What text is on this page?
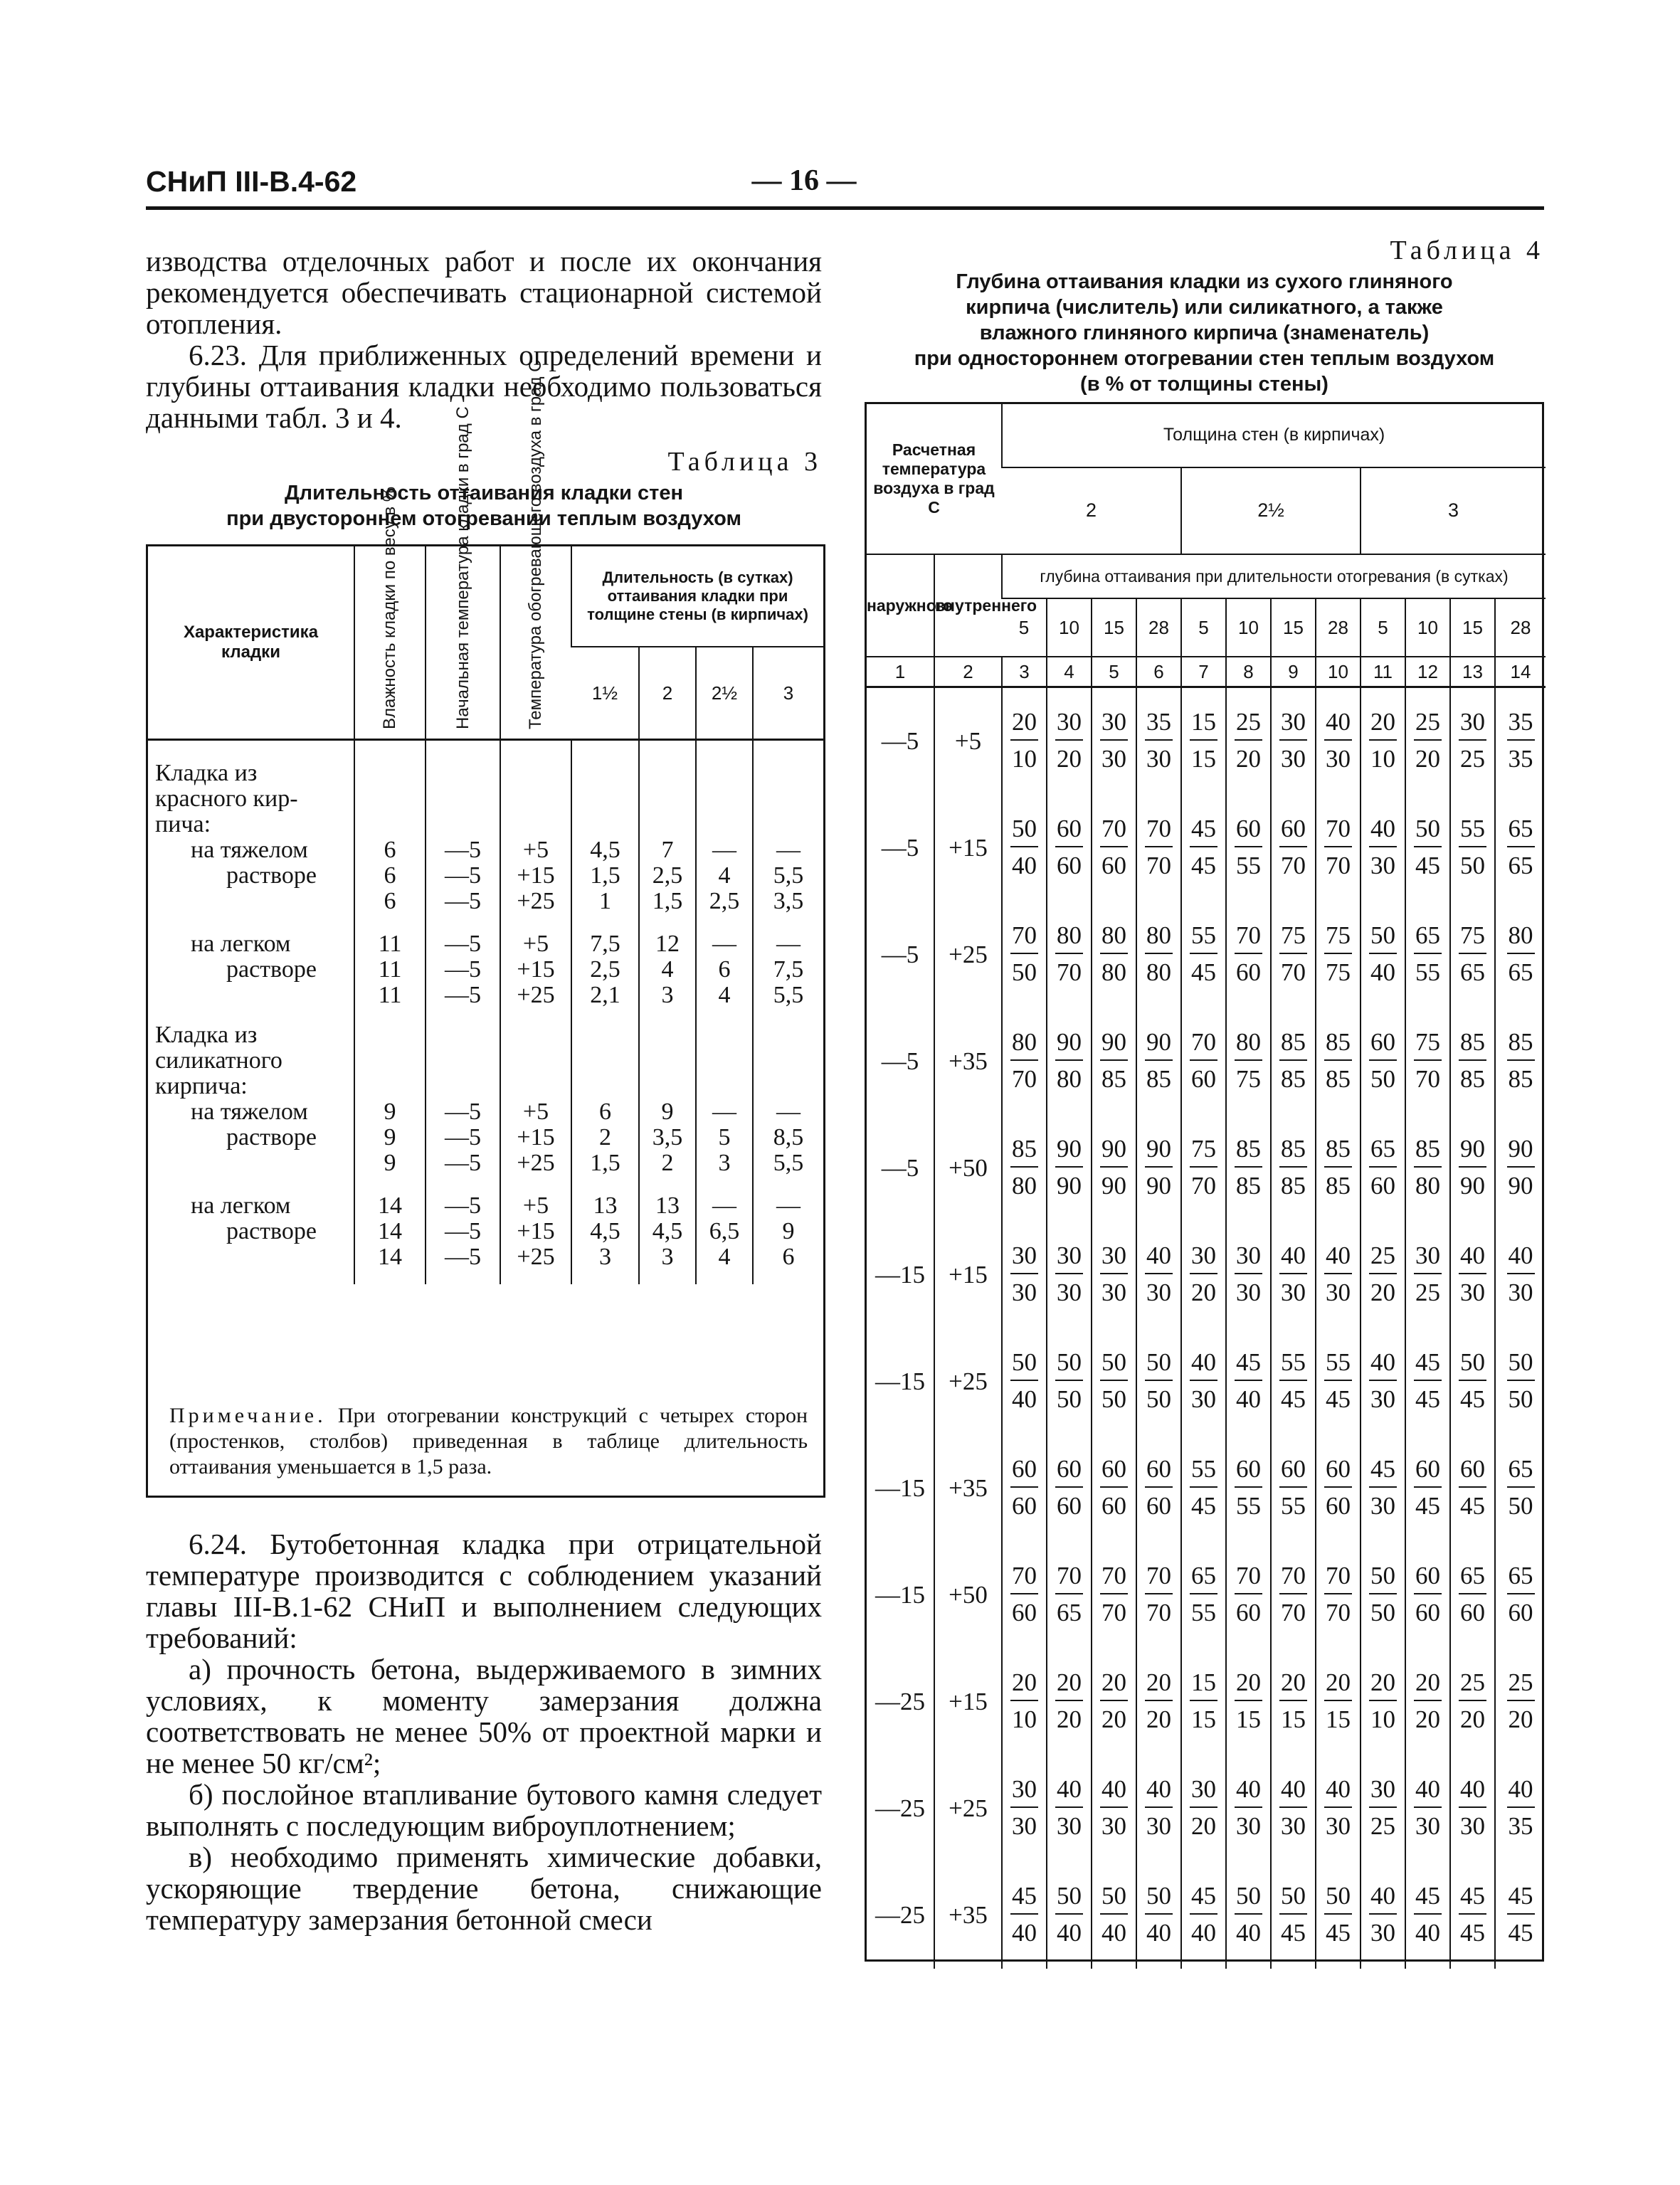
СНиП III-В.4-62	— 16 —

изводства отделочных работ и после их окончания рекомендуется обеспечивать стационарной системой отопления.

6.23. Для приближенных определений времени и глубины оттаивания кладки необходимо пользоваться данными табл. 3 и 4.

Таблица 3
Длительность оттаивания кладки стен
при двустороннем отогревании теплым воздухом
Характеристика кладки	Влажность кладки по весу в %	Начальная температура кладки в град С	Температура обогревающего воздуха в град С	Длительность (в сутках) оттаивания кладки при толщине стены (в кирпичах)			
				1½	2	2½	3
Кладка из							
красного кир-							
пича:							
на тяжелом	6	—5	+5	4,5	7	—	—
растворе	6	—5	+15	1,5	2,5	4	5,5
	6	—5	+25	1	1,5	2,5	3,5

на легком	11	—5	+5	7,5	12	—	—
растворе	11	—5	+15	2,5	4	6	7,5
	11	—5	+25	2,1	3	4	5,5
Кладка из							
силикатного							
кирпича:							
на тяжелом	9	—5	+5	6	9	—	—
растворе	9	—5	+15	2	3,5	5	8,5
	9	—5	+25	1,5	2	3	5,5

на легком	14	—5	+5	13	13	—	—
растворе	14	—5	+15	4,5	4,5	6,5	9
	14	—5	+25	3	3	4	6

Примечание. При отогревании конструкций с четырех сторон (простенков, столбов) приведенная в таблице длительность оттаивания уменьшается в 1,5 раза.

6.24. Бутобетонная кладка при отрицательной температуре производится с соблюдением указаний главы III-В.1-62 СНиП и выполнением следующих требований:

а) прочность бетона, выдерживаемого в зимних условиях, к моменту замерзания должна соответствовать не менее 50% от проектной марки и не менее 50 кг/см²;

б) послойное втапливание бутового камня следует выполнять с последующим виброуплотнением;

в) необходимо применять химические добавки, ускоряющие твердение бетона, снижающие температуру замерзания бетонной смеси

Таблица 4
Глубина оттаивания кладки из сухого глиняного
кирпича (числитель) или силикатного, а также
влажного глиняного кирпича (знаменатель)
при одностороннем отогревании стен теплым воздухом
(в % от толщины стены)
Расчетная температура воздуха в град С		Толщина стен (в кирпичах)											
		2				2½				3			
наружного	внутреннего	глубина оттаивания при длительности отогревания (в сутках)											
		5	10	15	28	5	10	15	28	5	10	15	28
1	2	3	4	5	6	7	8	9	10	11	12	13	14
—5	+5	$\frac{20}{10}$	$\frac{30}{20}$	$\frac{30}{30}$	$\frac{35}{30}$	$\frac{15}{15}$	$\frac{25}{20}$	$\frac{30}{30}$	$\frac{40}{30}$	$\frac{20}{10}$	$\frac{25}{20}$	$\frac{30}{25}$	$\frac{35}{35}$

—5	+15	$\frac{50}{40}$	$\frac{60}{60}$	$\frac{70}{60}$	$\frac{70}{70}$	$\frac{45}{45}$	$\frac{60}{55}$	$\frac{60}{70}$	$\frac{70}{70}$	$\frac{40}{30}$	$\frac{50}{45}$	$\frac{55}{50}$	$\frac{65}{65}$

—5	+25	$\frac{70}{50}$	$\frac{80}{70}$	$\frac{80}{80}$	$\frac{80}{80}$	$\frac{55}{45}$	$\frac{70}{60}$	$\frac{75}{70}$	$\frac{75}{75}$	$\frac{50}{40}$	$\frac{65}{55}$	$\frac{75}{65}$	$\frac{80}{65}$

—5	+35	$\frac{80}{70}$	$\frac{90}{80}$	$\frac{90}{85}$	$\frac{90}{85}$	$\frac{70}{60}$	$\frac{80}{75}$	$\frac{85}{85}$	$\frac{85}{85}$	$\frac{60}{50}$	$\frac{75}{70}$	$\frac{85}{85}$	$\frac{85}{85}$

—5	+50	$\frac{85}{80}$	$\frac{90}{90}$	$\frac{90}{90}$	$\frac{90}{90}$	$\frac{75}{70}$	$\frac{85}{85}$	$\frac{85}{85}$	$\frac{85}{85}$	$\frac{65}{60}$	$\frac{85}{80}$	$\frac{90}{90}$	$\frac{90}{90}$

—15	+15	$\frac{30}{30}$	$\frac{30}{30}$	$\frac{30}{30}$	$\frac{40}{30}$	$\frac{30}{20}$	$\frac{30}{30}$	$\frac{40}{30}$	$\frac{40}{30}$	$\frac{25}{20}$	$\frac{30}{25}$	$\frac{40}{30}$	$\frac{40}{30}$

—15	+25	$\frac{50}{40}$	$\frac{50}{50}$	$\frac{50}{50}$	$\frac{50}{50}$	$\frac{40}{30}$	$\frac{45}{40}$	$\frac{55}{45}$	$\frac{55}{45}$	$\frac{40}{30}$	$\frac{45}{45}$	$\frac{50}{45}$	$\frac{50}{50}$

—15	+35	$\frac{60}{60}$	$\frac{60}{60}$	$\frac{60}{60}$	$\frac{60}{60}$	$\frac{55}{45}$	$\frac{60}{55}$	$\frac{60}{55}$	$\frac{60}{60}$	$\frac{45}{30}$	$\frac{60}{45}$	$\frac{60}{45}$	$\frac{65}{50}$

—15	+50	$\frac{70}{60}$	$\frac{70}{65}$	$\frac{70}{70}$	$\frac{70}{70}$	$\frac{65}{55}$	$\frac{70}{60}$	$\frac{70}{70}$	$\frac{70}{70}$	$\frac{50}{50}$	$\frac{60}{60}$	$\frac{65}{60}$	$\frac{65}{60}$

—25	+15	$\frac{20}{10}$	$\frac{20}{20}$	$\frac{20}{20}$	$\frac{20}{20}$	$\frac{15}{15}$	$\frac{20}{15}$	$\frac{20}{15}$	$\frac{20}{15}$	$\frac{20}{10}$	$\frac{20}{20}$	$\frac{25}{20}$	$\frac{25}{20}$

—25	+25	$\frac{30}{30}$	$\frac{40}{30}$	$\frac{40}{30}$	$\frac{40}{30}$	$\frac{30}{20}$	$\frac{40}{30}$	$\frac{40}{30}$	$\frac{40}{30}$	$\frac{30}{25}$	$\frac{40}{30}$	$\frac{40}{30}$	$\frac{40}{35}$

—25	+35	$\frac{45}{40}$	$\frac{50}{40}$	$\frac{50}{40}$	$\frac{50}{40}$	$\frac{45}{40}$	$\frac{50}{40}$	$\frac{50}{45}$	$\frac{50}{45}$	$\frac{40}{30}$	$\frac{45}{40}$	$\frac{45}{45}$	$\frac{45}{45}$
